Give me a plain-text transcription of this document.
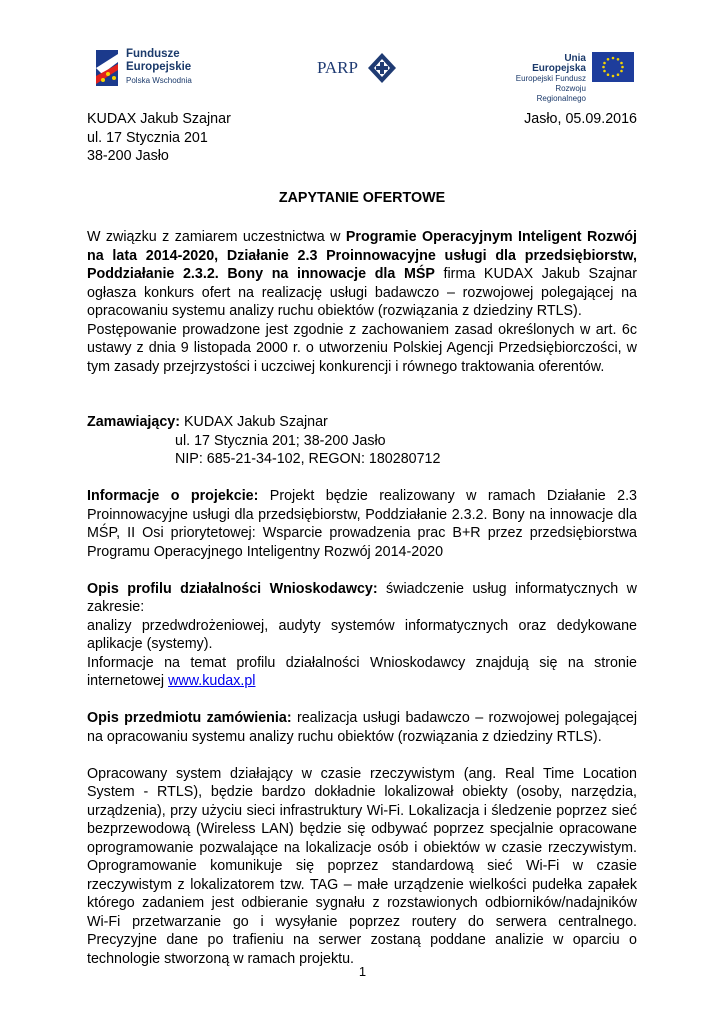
Fundusze
Europejskie
Polska Wschodnia
PARP	Unia Europejska
Europejski Fundusz
Rozwoju Regionalnego
KUDAX Jakub Szajnar	Jasło, 05.09.2016
ul. 17 Stycznia 201
38-200 Jasło
ZAPYTANIE OFERTOWE

W związku z zamiarem uczestnictwa w Programie Operacyjnym Inteligent Rozwój na lata 2014-2020, Działanie 2.3 Proinnowacyjne usługi dla przedsiębiorstw, Poddziałanie 2.3.2. Bony na innowacje dla MŚP firma KUDAX Jakub Szajnar ogłasza konkurs ofert na realizację usługi badawczo – rozwojowej polegającej na opracowaniu systemu analizy ruchu obiektów (rozwiązania z dziedziny RTLS).

Postępowanie prowadzone jest zgodnie z zachowaniem zasad określonych w art. 6c ustawy z dnia 9 listopada 2000 r. o utworzeniu Polskiej Agencji Przedsiębiorczości, w tym zasady przejrzystości i uczciwej konkurencji i równego traktowania oferentów.

Zamawiający: KUDAX Jakub Szajnar
ul. 17 Stycznia 201; 38-200 Jasło
NIP: 685-21-34-102, REGON: 180280712

Informacje o projekcie: Projekt będzie realizowany w ramach Działanie 2.3 Proinnowacyjne usługi dla przedsiębiorstw, Poddziałanie 2.3.2. Bony na innowacje dla MŚP, II Osi priorytetowej: Wsparcie prowadzenia prac B+R przez przedsiębiorstwa Programu Operacyjnego Inteligentny Rozwój 2014-2020

Opis profilu działalności Wnioskodawcy: świadczenie usług informatycznych w zakresie:

analizy przedwdrożeniowej, audyty systemów informatycznych oraz dedykowane aplikacje (systemy).

Informacje na temat profilu działalności Wnioskodawcy znajdują się na stronie internetowej www.kudax.pl

Opis przedmiotu zamówienia: realizacja usługi badawczo – rozwojowej polegającej na opracowaniu systemu analizy ruchu obiektów (rozwiązania z dziedziny RTLS).

Opracowany system działający w czasie rzeczywistym (ang. Real Time Location System - RTLS), będzie bardzo dokładnie lokalizował obiekty (osoby, narzędzia, urządzenia), przy użyciu sieci infrastruktury Wi-Fi. Lokalizacja i śledzenie poprzez sieć bezprzewodową (Wireless LAN) będzie się odbywać poprzez specjalnie opracowane oprogramowanie pozwalające na lokalizacje osób i obiektów w czasie rzeczywistym. Oprogramowanie komunikuje się poprzez standardową sieć Wi-Fi w czasie rzeczywistym z lokalizatorem tzw. TAG – małe urządzenie wielkości pudełka zapałek którego zadaniem jest odbieranie sygnału z rozstawionych odbiorników/nadajników Wi-Fi przetwarzanie go i wysyłanie poprzez routery do serwera centralnego. Precyzyjne dane po trafieniu na serwer zostaną poddane analizie w oparciu o technologie stworzoną w ramach projektu.

1
